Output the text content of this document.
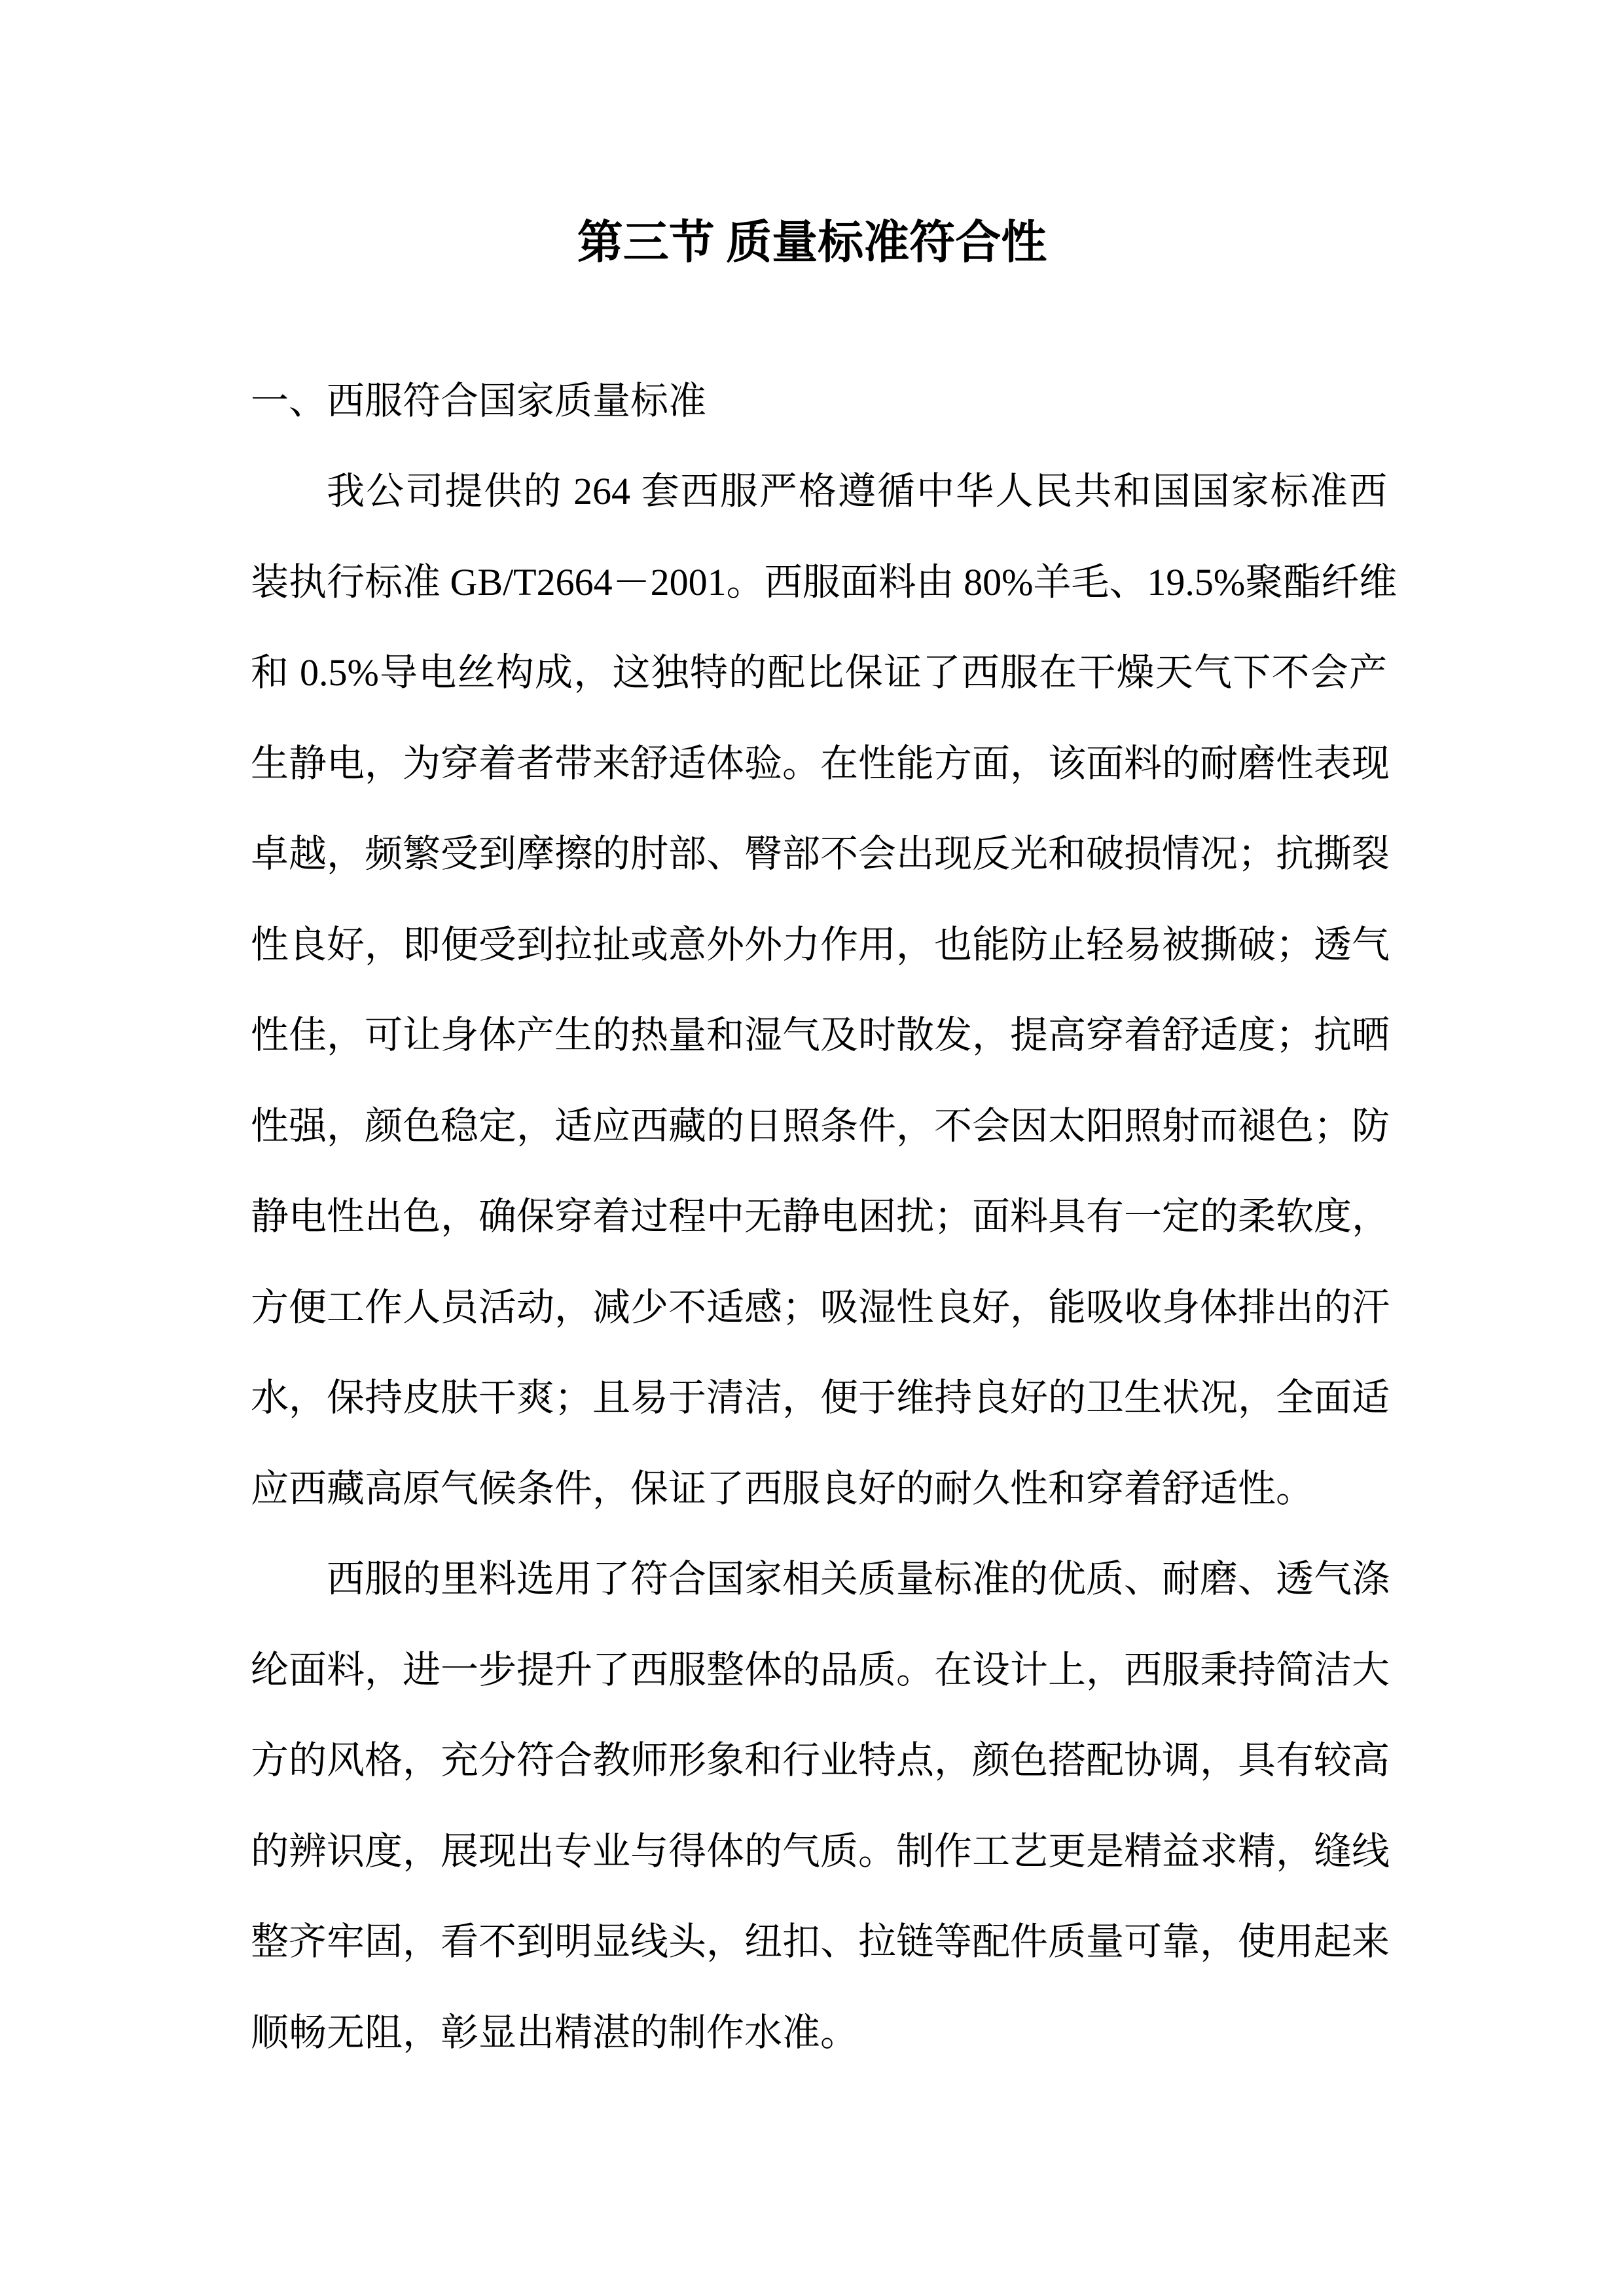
第三节 质量标准符合性
一、西服符合国家质量标准
我公司提供的 264 套西服严格遵循中华人民共和国国家标准西
装执行标准 GB/T2664－2001。西服面料由 80%羊毛、19.5%聚酯纤维
和 0.5%导电丝构成，这独特的配比保证了西服在干燥天气下不会产
生静电，为穿着者带来舒适体验。在性能方面，该面料的耐磨性表现
卓越，频繁受到摩擦的肘部、臀部不会出现反光和破损情况；抗撕裂
性良好，即便受到拉扯或意外外力作用，也能防止轻易被撕破；透气
性佳，可让身体产生的热量和湿气及时散发，提高穿着舒适度；抗晒
性强，颜色稳定，适应西藏的日照条件，不会因太阳照射而褪色；防
静电性出色，确保穿着过程中无静电困扰；面料具有一定的柔软度，
方便工作人员活动，减少不适感；吸湿性良好，能吸收身体排出的汗
水，保持皮肤干爽；且易于清洁，便于维持良好的卫生状况，全面适
应西藏高原气候条件，保证了西服良好的耐久性和穿着舒适性。
西服的里料选用了符合国家相关质量标准的优质、耐磨、透气涤
纶面料，进一步提升了西服整体的品质。在设计上，西服秉持简洁大
方的风格，充分符合教师形象和行业特点，颜色搭配协调，具有较高
的辨识度，展现出专业与得体的气质。制作工艺更是精益求精，缝线
整齐牢固，看不到明显线头，纽扣、拉链等配件质量可靠，使用起来
顺畅无阻，彰显出精湛的制作水准。
